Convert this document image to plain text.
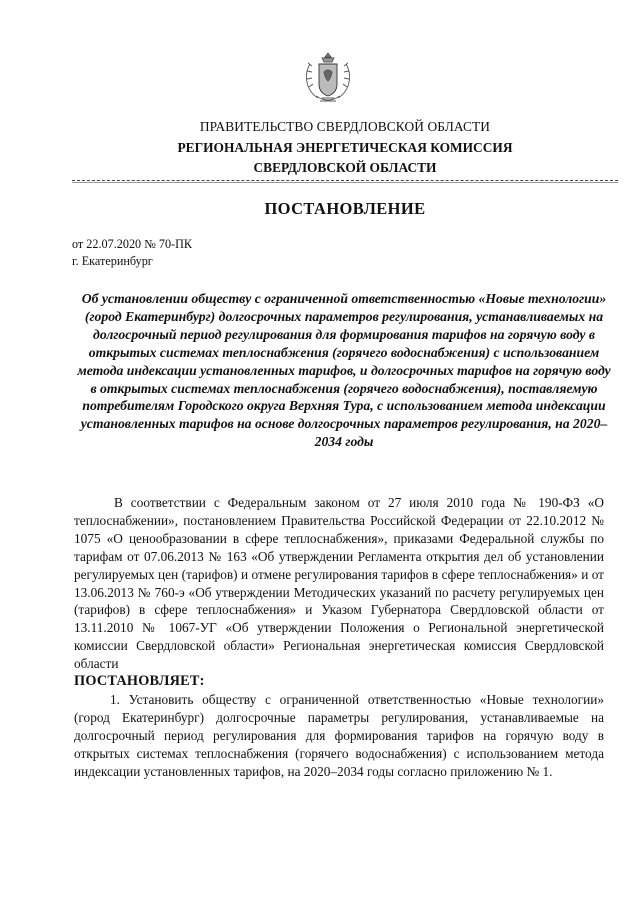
ПРАВИТЕЛЬСТВО СВЕРДЛОВСКОЙ ОБЛАСТИ
РЕГИОНАЛЬНАЯ ЭНЕРГЕТИЧЕСКАЯ КОМИССИЯ
СВЕРДЛОВСКОЙ ОБЛАСТИ
ПОСТАНОВЛЕНИЕ
от 22.07.2020 № 70-ПК
г. Екатеринбург
Об установлении обществу с ограниченной ответственностью «Новые технологии» (город Екатеринбург) долгосрочных параметров регулирования, устанавливаемых на долгосрочный период регулирования для формирования тарифов на горячую воду в открытых системах теплоснабжения (горячего водоснабжения) с использованием метода индексации установленных тарифов, и долгосрочных тарифов на горячую воду в открытых системах теплоснабжения (горячего водоснабжения), поставляемую потребителям Городского округа Верхняя Тура, с использованием метода индексации установленных тарифов на основе долгосрочных параметров регулирования, на 2020–2034 годы

В соответствии с Федеральным законом от 27 июля 2010 года № 190-ФЗ «О теплоснабжении», постановлением Правительства Российской Федерации от 22.10.2012 № 1075 «О ценообразовании в сфере теплоснабжения», приказами Федеральной службы по тарифам от 07.06.2013 № 163 «Об утверждении Регламента открытия дел об установлении регулируемых цен (тарифов) и отмене регулирования тарифов в сфере теплоснабжения» и от 13.06.2013 № 760-э «Об утверждении Методических указаний по расчету регулируемых цен (тарифов) в сфере теплоснабжения» и Указом Губернатора Свердловской области от 13.11.2010 № 1067-УГ «Об утверждении Положения о Региональной энергетической комиссии Свердловской области» Региональная энергетическая комиссия Свердловской области

ПОСТАНОВЛЯЕТ:

1. Установить обществу с ограниченной ответственностью «Новые технологии» (город Екатеринбург) долгосрочные параметры регулирования, устанавливаемые на долгосрочный период регулирования для формирования тарифов на горячую воду в открытых системах теплоснабжения (горячего водоснабжения) с использованием метода индексации установленных тарифов, на 2020–2034 годы согласно приложению № 1.
